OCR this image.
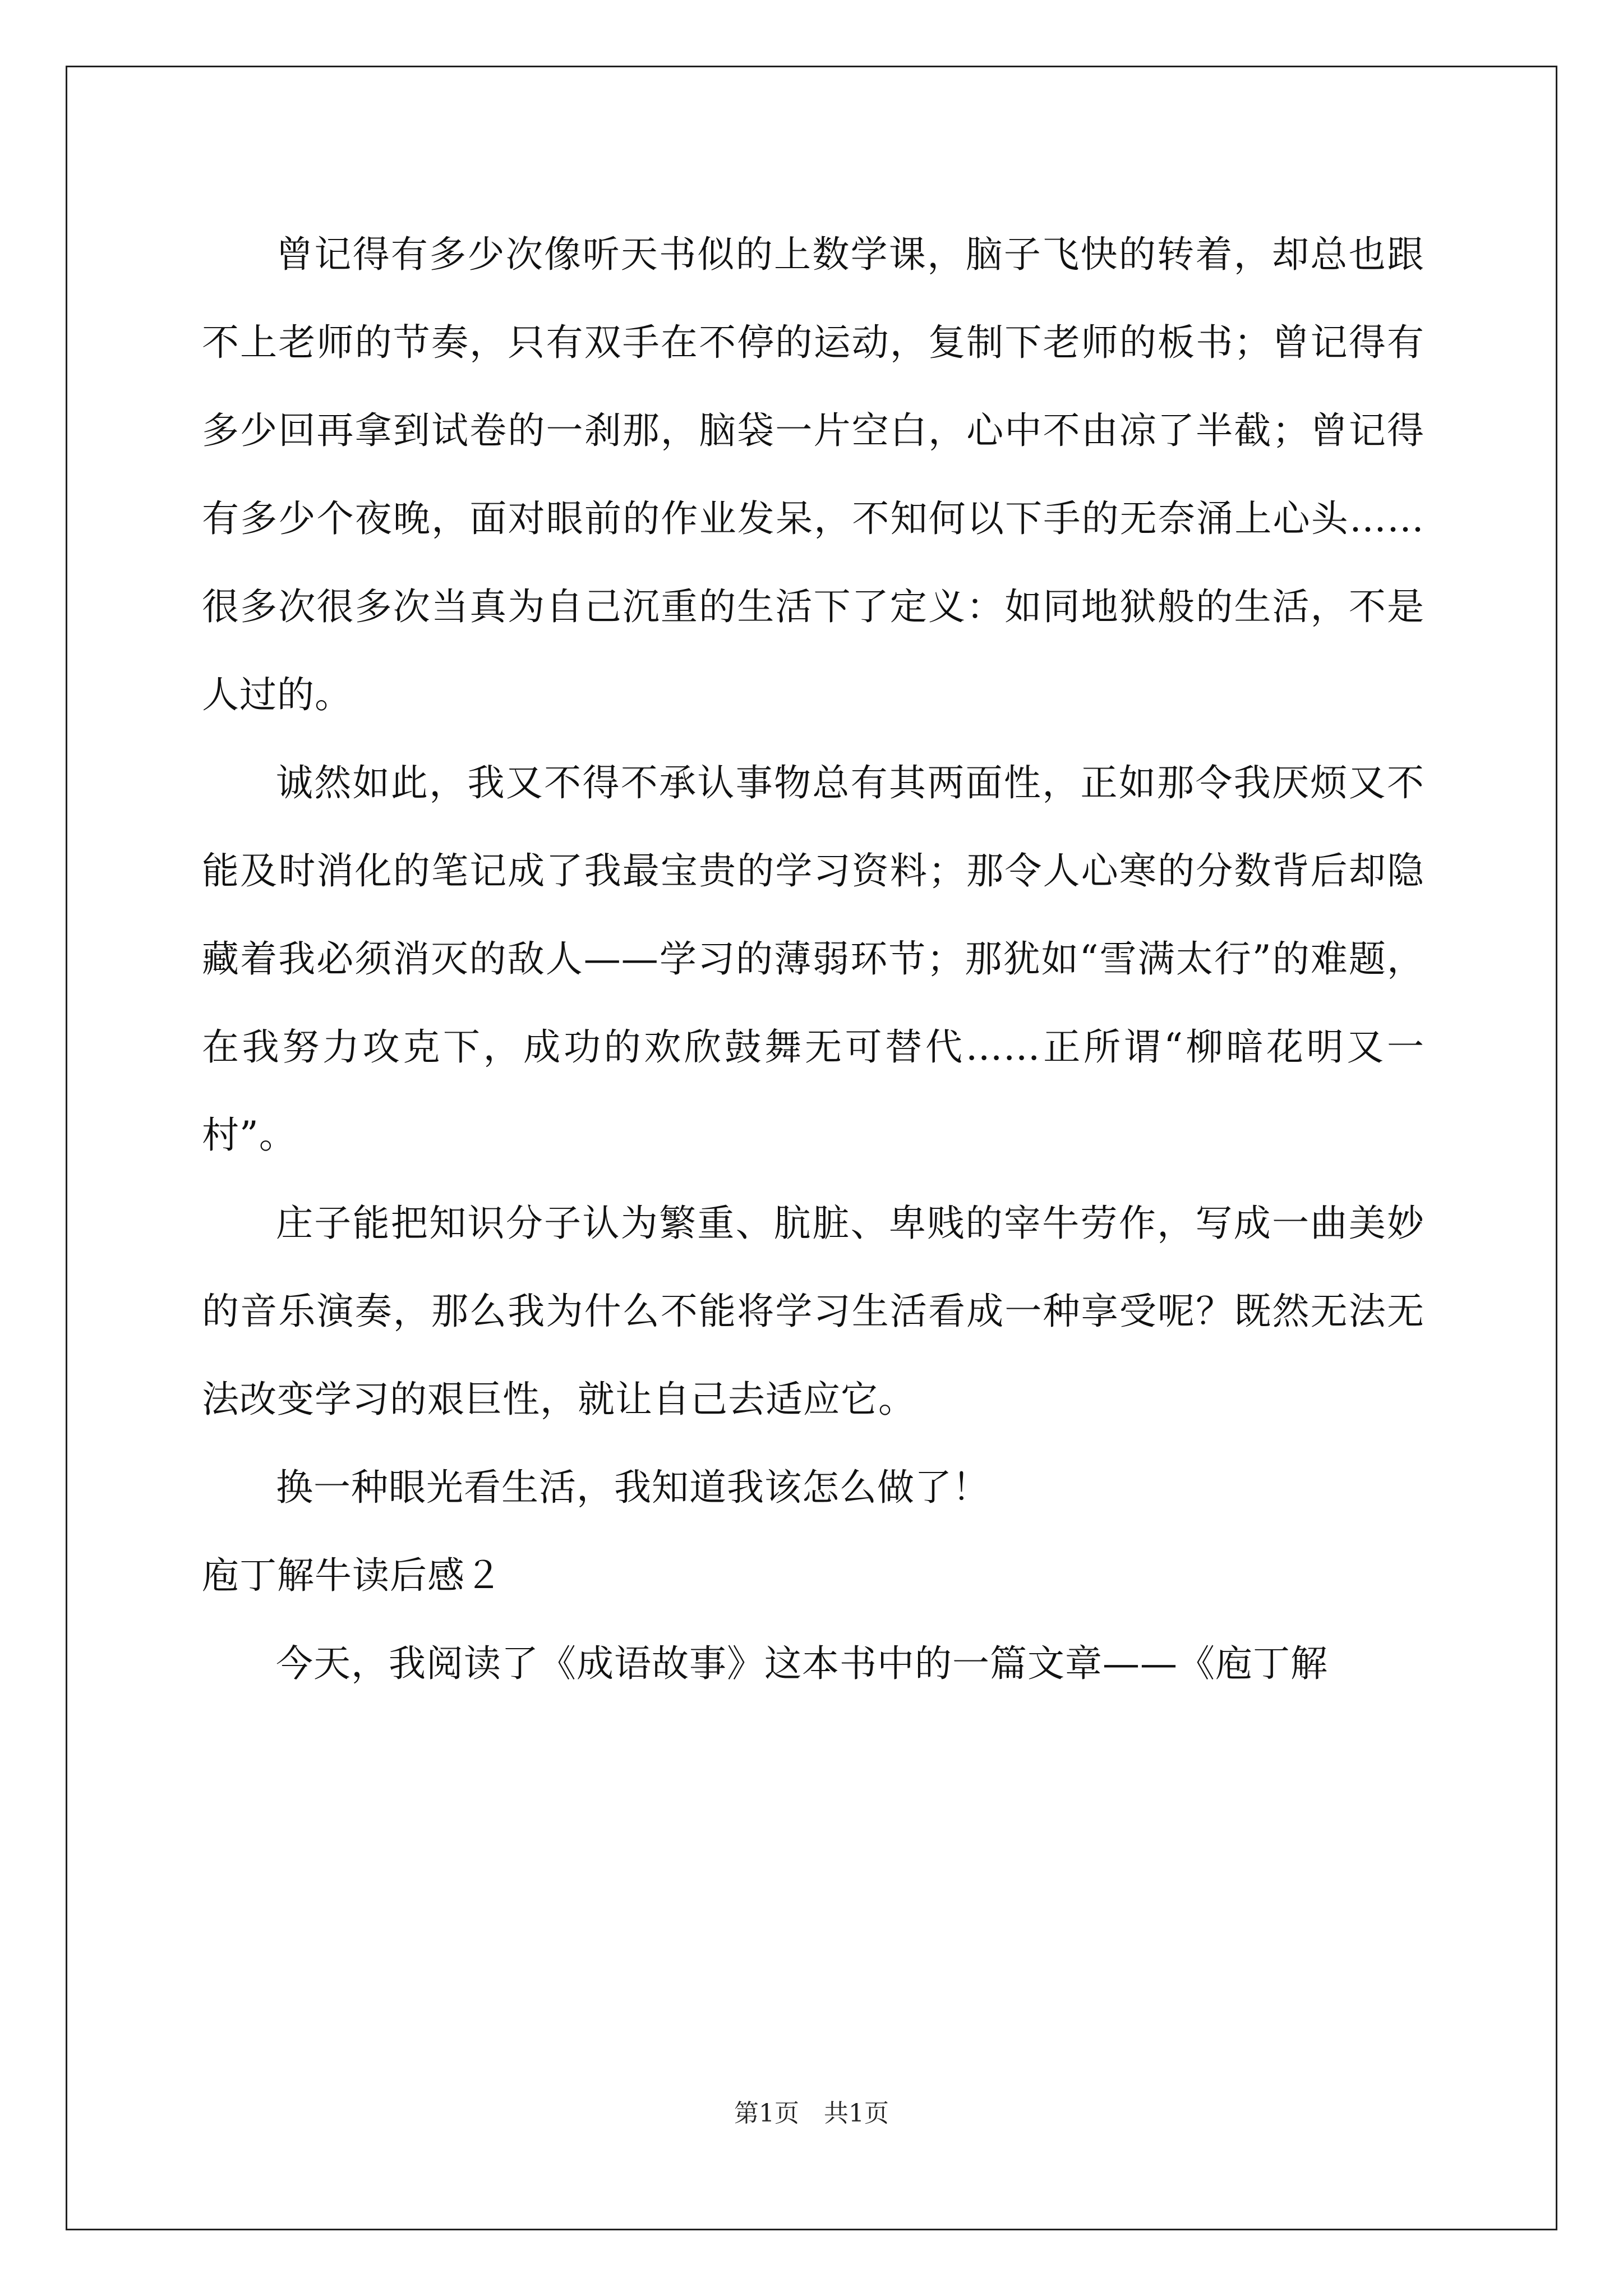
曾记得有多少次像听天书似的上数学课，脑子飞快的转着，却总也跟不上老师的节奏，只有双手在不停的运动，复制下老师的板书；曾记得有多少回再拿到试卷的一刹那，脑袋一片空白，心中不由凉了半截；曾记得有多少个夜晚，面对眼前的作业发呆，不知何以下手的无奈涌上心头……很多次很多次当真为自己沉重的生活下了定义：如同地狱般的生活，不是人过的。

诚然如此，我又不得不承认事物总有其两面性，正如那令我厌烦又不能及时消化的笔记成了我最宝贵的学习资料；那令人心寒的分数背后却隐藏着我必须消灭的敌人——学习的薄弱环节；那犹如“雪满太行”的难题，在我努力攻克下，成功的欢欣鼓舞无可替代……正所谓“柳暗花明又一村”。

庄子能把知识分子认为繁重、肮脏、卑贱的宰牛劳作，写成一曲美妙的音乐演奏，那么我为什么不能将学习生活看成一种享受呢？既然无法无法改变学习的艰巨性，就让自己去适应它。

换一种眼光看生活，我知道我该怎么做了！

庖丁解牛读后感２

今天，我阅读了《成语故事》这本书中的一篇文章——《庖丁解

第1页　共1页
